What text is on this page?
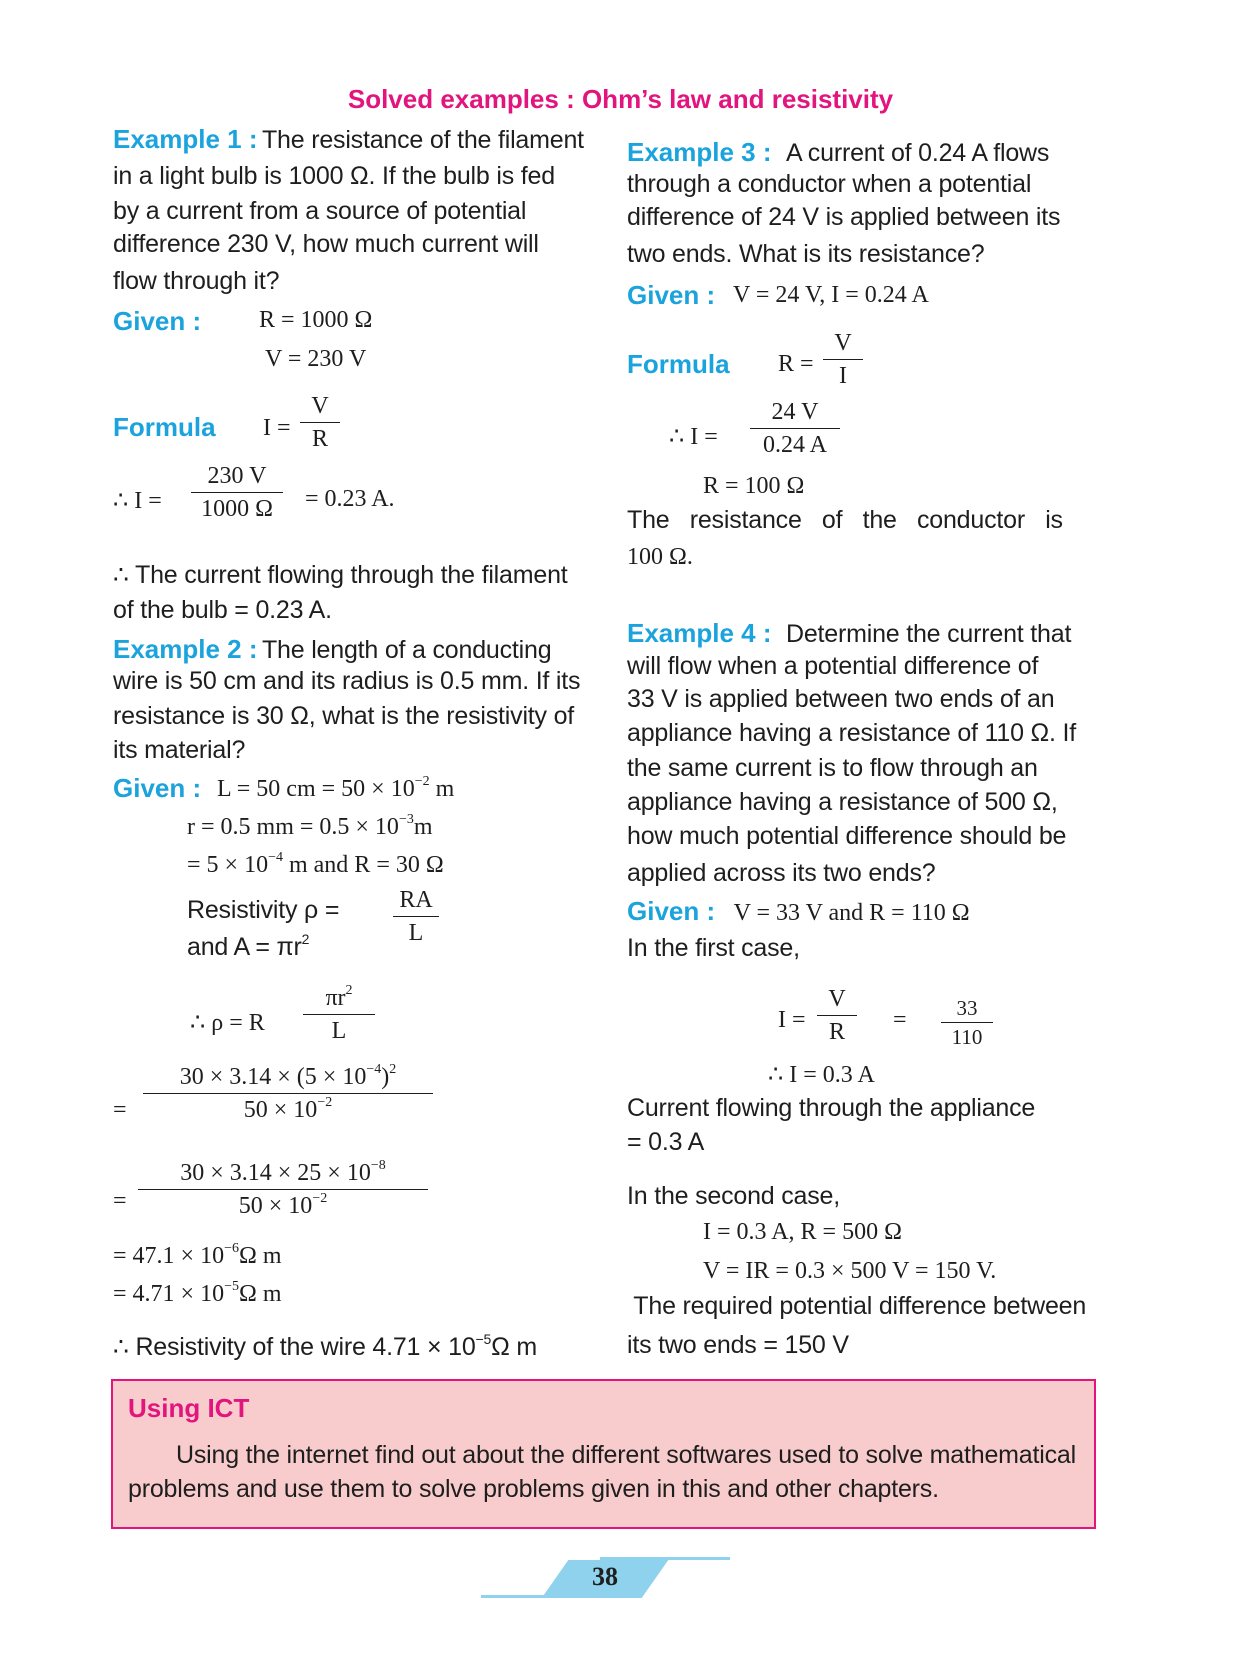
Solved examples : Ohm’s law and resistivity
Example 1 : The resistance of the filament
in a light bulb is 1000 Ω. If the bulb is fed
by a current from a source of potential
difference 230 V, how much current will
flow through it?
Given : R = 1000 Ω
V = 230 V
Formula I =
V
R
∴ I =
230 V
1000 Ω	= 0.23 A.
∴ The current flowing through the filament
of the bulb = 0.23 A.
Example 2 : The length of a conducting
wire is 50 cm and its radius is 0.5 mm. If its
resistance is 30 Ω, what is the resistivity of
its material?
Given : L = 50 cm = $50 \times 10^{-2}$ m
r = 0.5 mm = $0.5 \times 10^{-3}m$
= $5 \times 10^{-4}$ m and R = 30 Ω
Resistivity ρ =	RA
L
and $A = \pi r^2$
∴ ρ = R
$\pi r^2$
L
=
$30 \times 3.14 \times (5 \times 10^{-4})^2$
$50 \times 10^{-2}$
=
$30 \times 3.14 \times 25 \times 10^{-8}$
$50 \times 10^{-2}$
= $47.1 \times 10^{-6}\Omega$ m
= $4.71 \times 10^{-5}\Omega$ m
∴ Resistivity of the wire $4.71 \times 10^{-5}\Omega$ m
Example 3 : A current of 0.24 A flows
through a conductor when a potential
difference of 24 V is applied between its
two ends. What is its resistance?
Given : V = 24 V, I = 0.24 A
Formula R =
V
I
∴ I =
24 V
0.24 A
R = 100 Ω
The   resistance   of   the   conductor   is
100 Ω.
Example 4 : Determine the current that
will flow when a potential difference of
33 V is applied between two ends of an
appliance having a resistance of 110 Ω. If
the same current is to flow through an
appliance having a resistance of 500 Ω,
how much potential difference should be
applied across its two ends?
Given : V = 33 V and R = 110 Ω
In the first case,
I =
V
R	=	33
110
∴ I = 0.3 A
Current flowing through the appliance
= 0.3 A
In the second case,
I = 0.3 A, R = 500 Ω
V = IR = 0.3 × 500 V = 150 V.
The required potential difference between
its two ends = 150 V
Using ICT
Using the internet find out about the different softwares used to solve mathematical problems and use them to solve problems given in this and other chapters.
38
